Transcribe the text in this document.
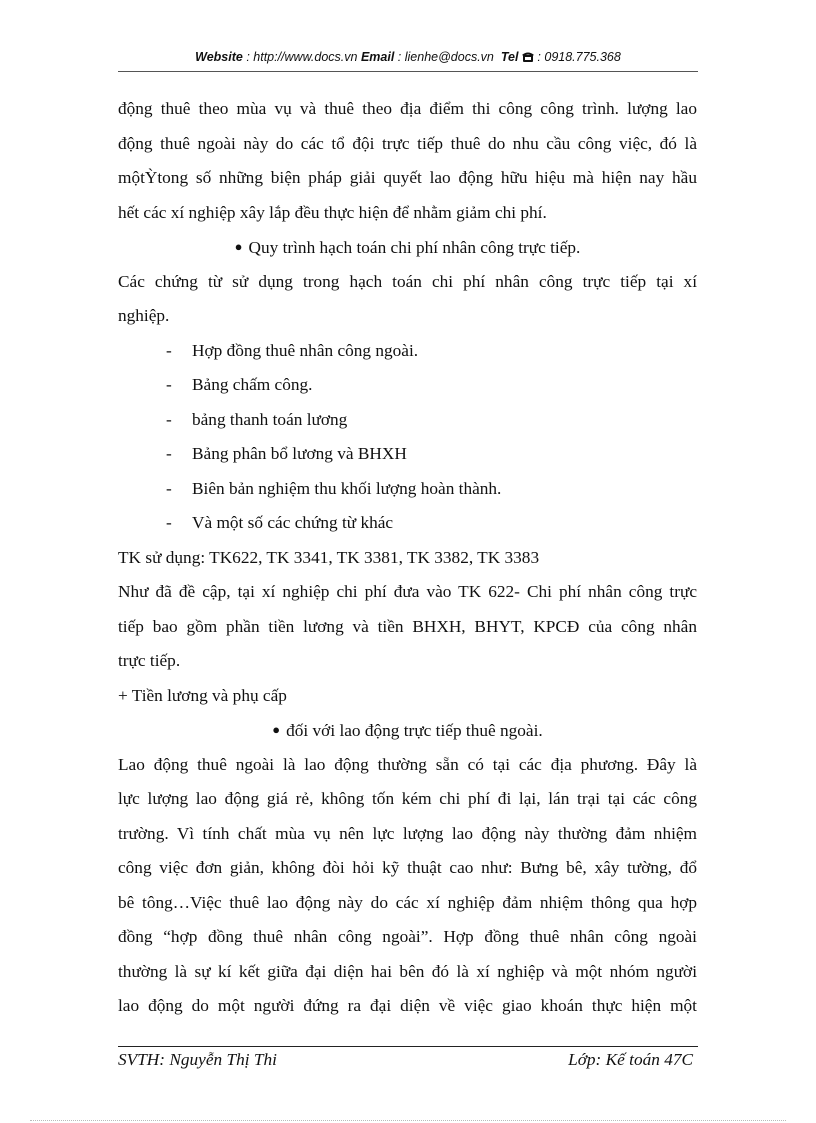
Website : http://www.docs.vn Email : lienhe@docs.vn Tel : 0918.775.368
động thuê theo mùa vụ và thuê theo địa điểm thi công công trình. lượng lao
động thuê ngoài này do các tổ đội trực tiếp thuê do nhu cầu công việc, đó là
mộtỲtong số những biện pháp giải quyết lao động hữu hiệu mà hiện nay hầu
hết các xí nghiệp xây lắp đều thực hiện để nhằm giảm chi phí.
● Quy trình hạch toán chi phí nhân công trực tiếp.
Các chứng từ sử dụng trong hạch toán chi phí nhân công trực tiếp tại xí
nghiệp.
- Hợp đồng thuê nhân công ngoài.
- Bảng chấm công.
- bảng thanh toán lương
- Bảng phân bổ lương và BHXH
- Biên bản nghiệm thu khối lượng hoàn thành.
- Và một số các chứng từ khác
TK sử dụng: TK622, TK 3341, TK 3381, TK 3382, TK 3383
Như đã đề cập, tại xí nghiệp chi phí đưa vào TK 622- Chi phí nhân công trực
tiếp bao gồm phần tiền lương và tiền BHXH, BHYT, KPCĐ của công nhân
trực tiếp.
+ Tiền lương và phụ cấp
● đối với lao động trực tiếp thuê ngoài.
Lao động thuê ngoài là lao động thường sẵn có tại các địa phương. Đây là
lực lượng lao động giá rẻ, không tốn kém chi phí đi lại, lán trại tại các công
trường. Vì tính chất mùa vụ nên lực lượng lao động này thường đảm nhiệm
công việc đơn giản, không đòi hỏi kỹ thuật cao như: Bưng bê, xây tường, đổ
bê tông…Việc thuê lao động này do các xí nghiệp đảm nhiệm thông qua hợp
đồng “hợp đồng thuê nhân công ngoài”. Hợp đồng thuê nhân công ngoài
thường là sự kí kết giữa đại diện hai bên đó là xí nghiệp và một nhóm người
lao động do một người đứng ra đại diện về việc giao khoán thực hiện một
SVTH: Nguyễn Thị Thi	Lớp: Kế toán 47C
